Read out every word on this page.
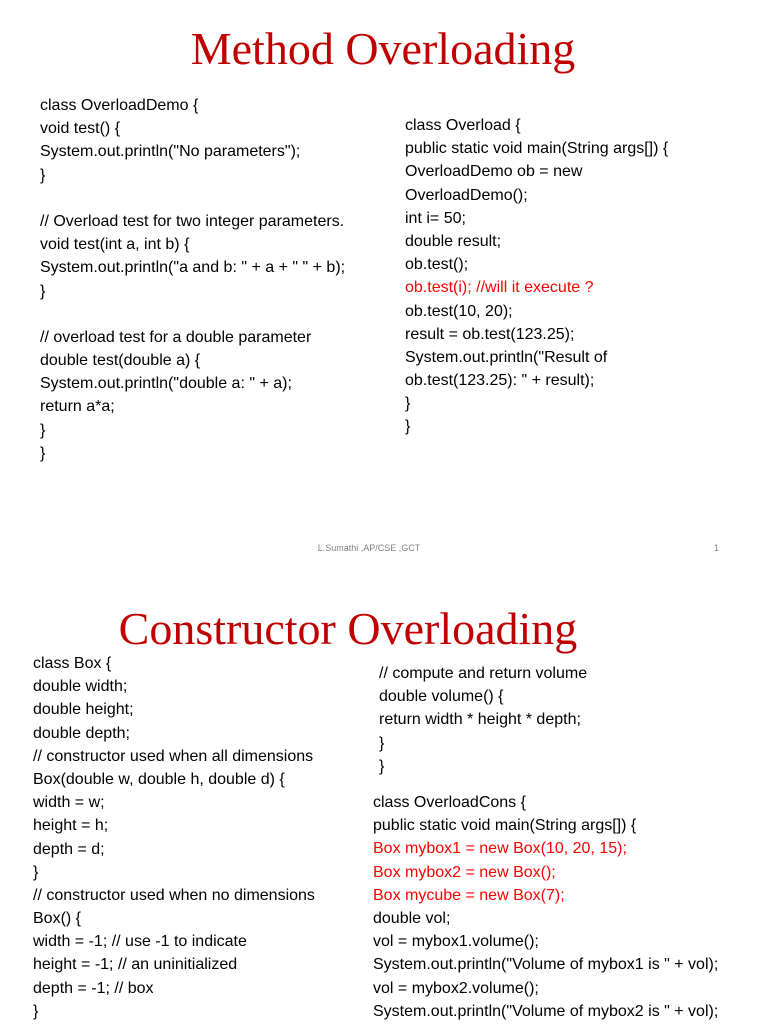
Method Overloading
class OverloadDemo {
void test() {
System.out.println("No parameters");
}
// Overload test for two integer parameters.
void test(int a, int b) {
System.out.println("a and b: " + a + " " + b);
}
// overload test for a double parameter
double test(double a) {
System.out.println("double a: " + a);
return a*a;
}
}
class Overload {
public static void main(String args[]) {
OverloadDemo ob = new
OverloadDemo();
int i= 50;
double result;
ob.test();
ob.test(i); //will it execute ?
ob.test(10, 20);
result = ob.test(123.25);
System.out.println("Result of
ob.test(123.25): " + result);
}
}
L.Sumathi ,AP/CSE ,GCT	1
Constructor Overloading
class Box {
double width;
double height;
double depth;
// constructor used when all dimensions
Box(double w, double h, double d) {
width = w;
height = h;
depth = d;
}
// constructor used when no dimensions
Box() {
width = -1; // use -1 to indicate
height = -1; // an uninitialized
depth = -1; // box
}
// compute and return volume
double volume() {
return width * height * depth;
}
}
class OverloadCons {
public static void main(String args[]) {
Box mybox1 = new Box(10, 20, 15);
Box mybox2 = new Box();
Box mycube = new Box(7);
double vol;
vol = mybox1.volume();
System.out.println("Volume of mybox1 is " + vol);
vol = mybox2.volume();
System.out.println("Volume of mybox2 is " + vol);
